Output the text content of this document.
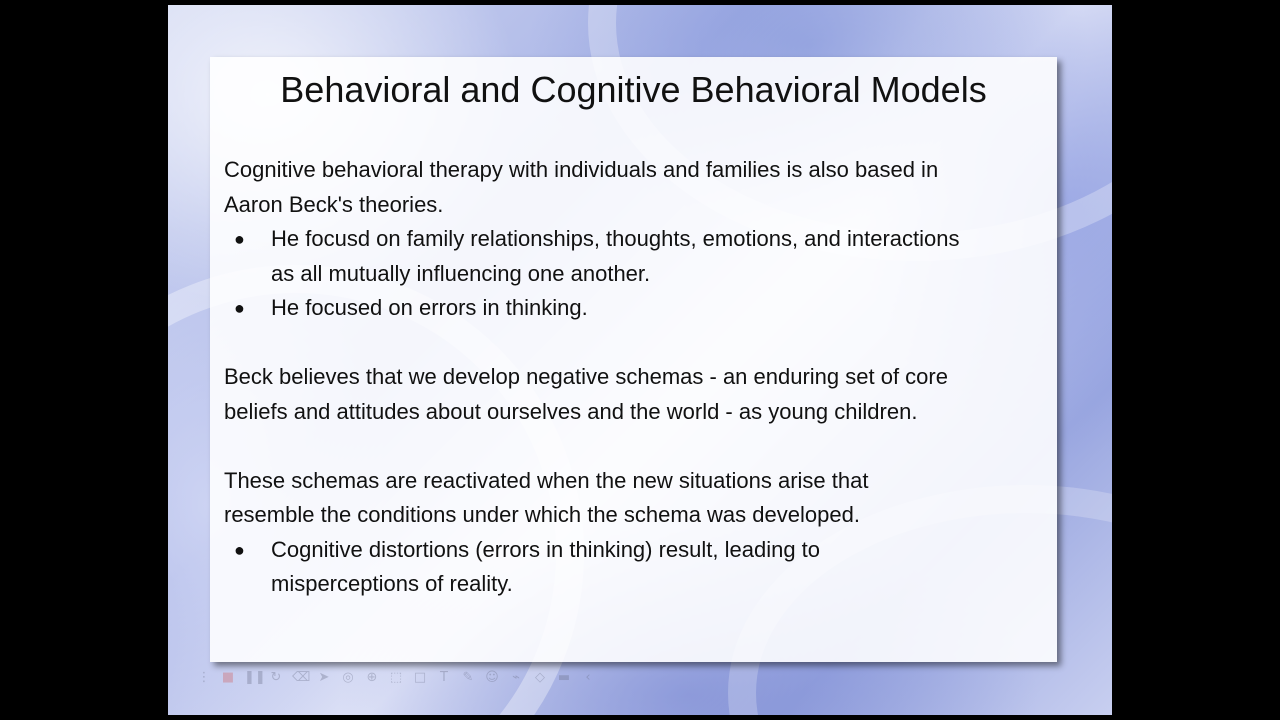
Behavioral and Cognitive Behavioral Models

Cognitive behavioral therapy with individuals and families is also based in
Aaron Beck's theories.

● He focusd on family relationships, thoughts, emotions, and interactions
as all mutually influencing one another.
● He focused on errors in thinking.

Beck believes that we develop negative schemas - an enduring set of core
beliefs and attitudes about ourselves and the world - as young children.

These schemas are reactivated when the new situations arise that
resemble the conditions under which the schema was developed.

● Cognitive distortions (errors in thinking) result, leading to
misperceptions of reality.
⋮ ■ ❚❚ ↻ ⌫ ➤ ◎ ⊕ ⬚ □	T	✎ ☺	⌁	◇ ▬	‹
